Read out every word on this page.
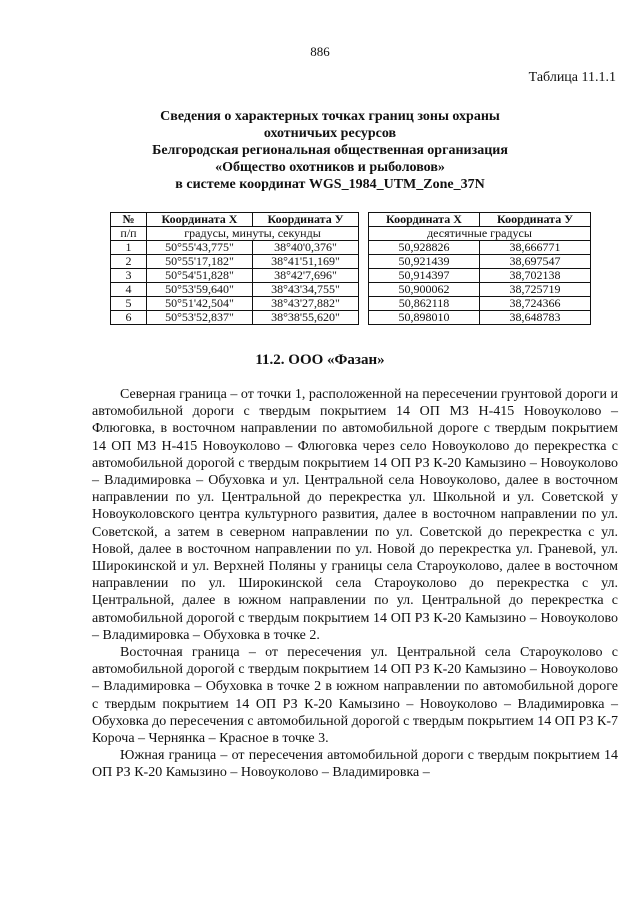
886
Таблица 11.1.1
Сведения о характерных точках границ зоны охраны
охотничьих ресурсов
Белгородская региональная общественная организация
«Общество охотников и рыболовов»
в системе координат WGS_1984_UTM_Zone_37N
№	Координата X	Координата У		Координата X	Координата У
п/п	градусы, минуты, секунды			десятичные градусы	
1	50°55'43,775"	38°40'0,376"		50,928826	38,666771
2	50°55'17,182"	38°41'51,169"		50,921439	38,697547
3	50°54'51,828"	38°42'7,696"		50,914397	38,702138
4	50°53'59,640"	38°43'34,755"		50,900062	38,725719
5	50°51'42,504"	38°43'27,882"		50,862118	38,724366
6	50°53'52,837"	38°38'55,620"		50,898010	38,648783
11.2. ООО «Фазан»

Северная граница – от точки 1, расположенной на пересечении грунтовой дороги и автомобильной дороги с твердым покрытием 14 ОП МЗ Н-415 Новоуколово – Флюговка, в восточном направлении по автомобильной дороге с твердым покрытием 14 ОП МЗ Н-415 Новоуколово – Флюговка через село Новоуколово до перекрестка с автомобильной дорогой с твердым покрытием 14 ОП РЗ К-20 Камызино – Новоуколово – Владимировка – Обуховка и ул. Центральной села Новоуколово, далее в восточном направлении по ул. Центральной до перекрестка ул. Школьной и ул. Советской у Новоуколовского центра культурного развития, далее в восточном направлении по ул. Советской, а затем в северном направлении по ул. Советской до перекрестка с ул. Новой, далее в восточном направлении по ул. Новой до перекрестка ул. Граневой, ул. Широкинской и ул. Верхней Поляны у границы села Староуколово, далее в восточном направлении по ул. Широкинской села Староуколово до перекрестка с ул. Центральной, далее в южном направлении по ул. Центральной до перекрестка с автомобильной дорогой с твердым покрытием 14 ОП РЗ К-20 Камызино – Новоуколово – Владимировка – Обуховка в точке 2.

Восточная граница – от пересечения ул. Центральной села Староуколово с автомобильной дорогой с твердым покрытием 14 ОП РЗ К-20 Камызино – Новоуколово – Владимировка – Обуховка в точке 2 в южном направлении по автомобильной дороге с твердым покрытием 14 ОП РЗ К-20 Камызино – Новоуколово – Владимировка – Обуховка до пересечения с автомобильной дорогой с твердым покрытием 14 ОП РЗ К-7 Короча – Чернянка – Красное в точке 3.

Южная граница – от пересечения автомобильной дороги с твердым покрытием 14 ОП РЗ К-20 Камызино – Новоуколово – Владимировка –
